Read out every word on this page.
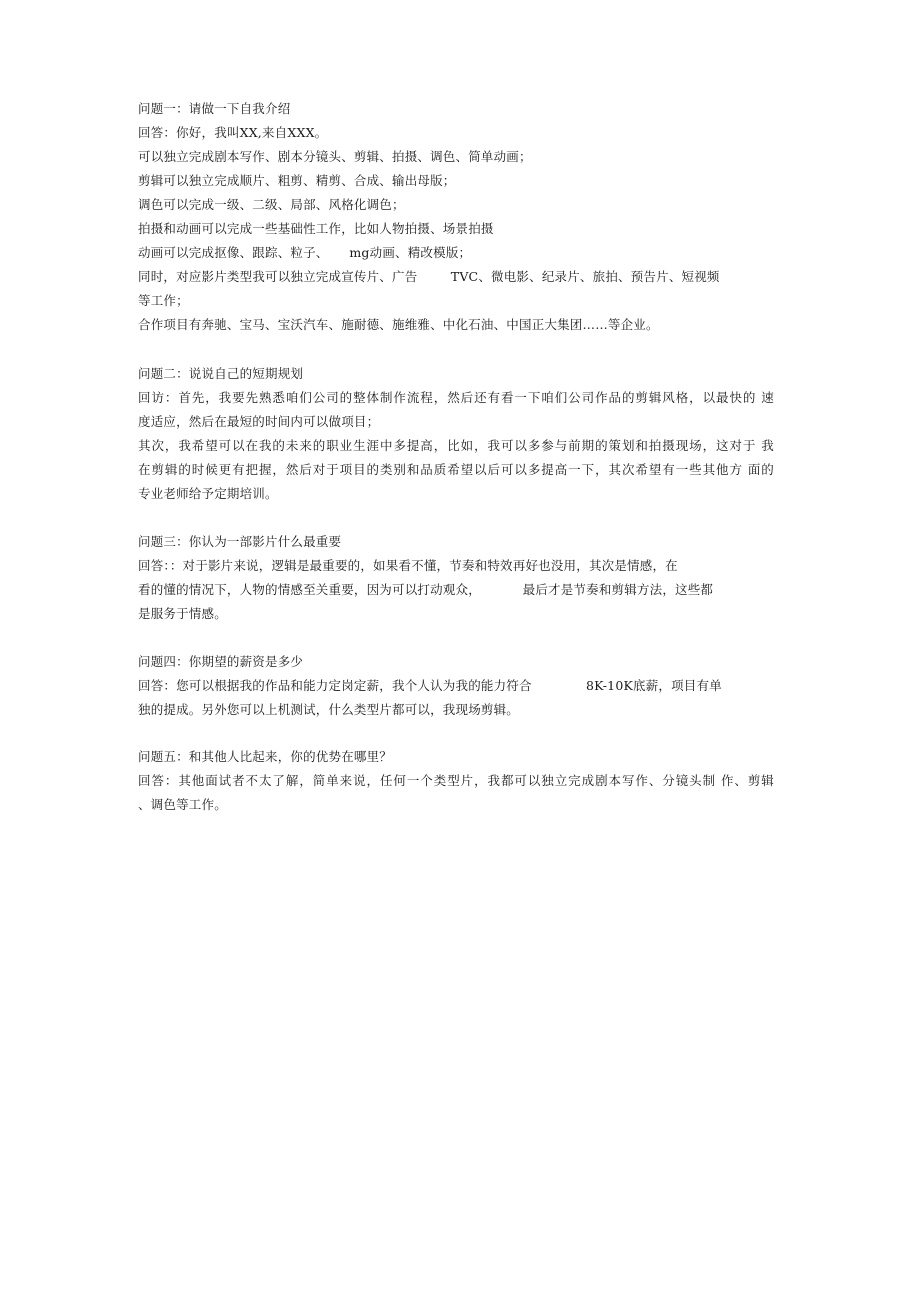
问题一：请做一下自我介绍
回答：你好，我叫XX,来自XXX。
可以独立完成剧本写作、剧本分镜头、剪辑、拍摄、调色、简单动画；
剪辑可以独立完成顺片、粗剪、精剪、合成、输出母版；
调色可以完成一级、二级、局部、风格化调色；
拍摄和动画可以完成一些基础性工作，比如人物拍摄、场景拍摄
动画可以完成抠像、跟踪、粒子、     mg动画、精改模版；
同时，对应影片类型我可以独立完成宣传片、广告        TVC、微电影、纪录片、旅拍、预告片、短视频
等工作；
合作项目有奔驰、宝马、宝沃汽车、施耐德、施维雅、中化石油、中国正大集团……等企业。
问题二：说说自己的短期规划
回访：首先，我要先熟悉咱们公司的整体制作流程，然后还有看一下咱们公司作品的剪辑风格，以最快的 速
度适应，然后在最短的时间内可以做项目；
其次，我希望可以在我的未来的职业生涯中多提高，比如，我可以多参与前期的策划和拍摄现场，这对于 我
在剪辑的时候更有把握，然后对于项目的类别和品质希望以后可以多提高一下，其次希望有一些其他方 面的
专业老师给予定期培训。
问题三：你认为一部影片什么最重要
回答：：对于影片来说，逻辑是最重要的，如果看不懂，节奏和特效再好也没用，其次是情感，在
看的懂的情况下，人物的情感至关重要，因为可以打动观众，          最后才是节奏和剪辑方法，这些都
是服务于情感。
问题四：你期望的薪资是多少
回答：您可以根据我的作品和能力定岗定薪，我个人认为我的能力符合             8K-10K底薪，项目有单
独的提成。另外您可以上机测试，什么类型片都可以，我现场剪辑。
问题五：和其他人比起来，你的优势在哪里？
回答：其他面试者不太了解，简单来说，任何一个类型片，我都可以独立完成剧本写作、分镜头制 作、剪辑
、调色等工作。
